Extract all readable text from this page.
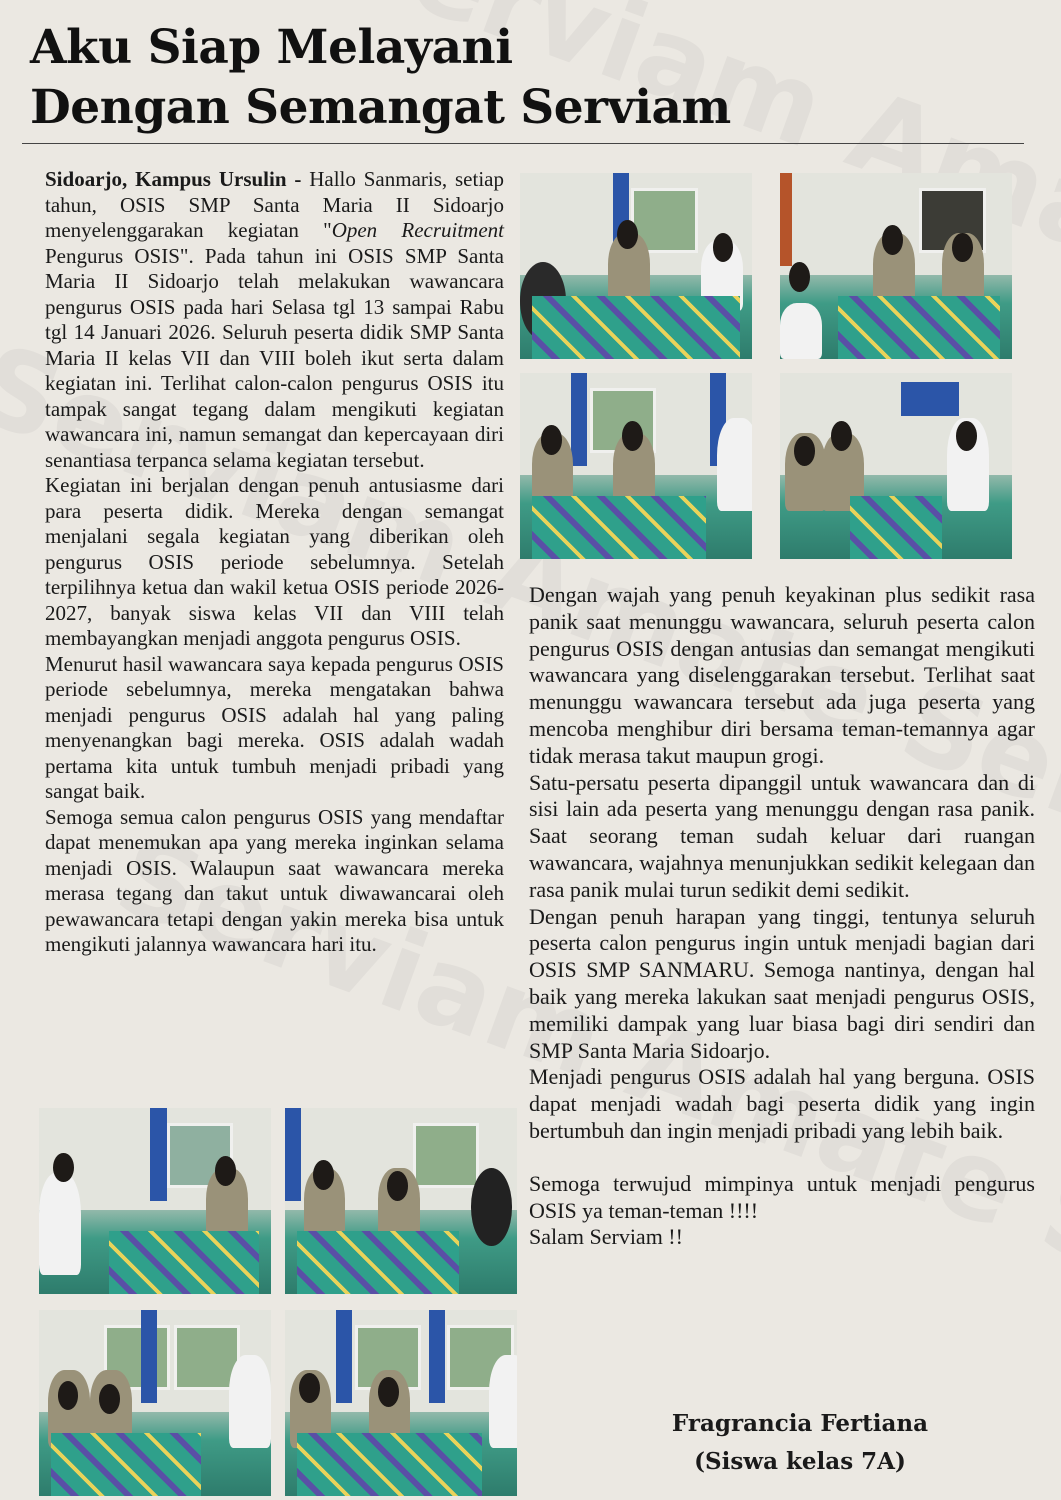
Aku Siap Melayani
Dengan Semangat Serviam

Sidoarjo, Kampus Ursulin - Hallo Sanmaris, setiap tahun, OSIS SMP Santa Maria II Sidoarjo menyelenggarakan kegiatan "Open Recruitment Pengurus OSIS". Pada tahun ini OSIS SMP Santa Maria II Sidoarjo telah melakukan wawancara pengurus OSIS pada hari Selasa tgl 13 sampai Rabu tgl 14 Januari 2026. Seluruh peserta didik SMP Santa Maria II kelas VII dan VIII boleh ikut serta dalam kegiatan ini. Terlihat calon-calon pengurus OSIS itu tampak sangat tegang dalam mengikuti kegiatan wawancara ini, namun semangat dan kepercayaan diri senantiasa terpanca selama kegiatan tersebut.

Kegiatan ini berjalan dengan penuh antusiasme dari para peserta didik. Mereka dengan semangat menjalani segala kegiatan yang diberikan oleh pengurus OSIS periode sebelumnya. Setelah terpilihnya ketua dan wakil ketua OSIS periode 2026-2027, banyak siswa kelas VII dan VIII telah membayangkan menjadi anggota pengurus OSIS.

Menurut hasil wawancara saya kepada pengurus OSIS periode sebelumnya, mereka mengatakan bahwa menjadi pengurus OSIS adalah hal yang paling menyenangkan bagi mereka. OSIS adalah wadah pertama kita untuk tumbuh menjadi pribadi yang sangat baik.

Semoga semua calon pengurus OSIS yang mendaftar dapat menemukan apa yang mereka inginkan selama menjadi OSIS. Walaupun saat wawancara mereka merasa tegang dan takut untuk diwawancarai oleh pewawancara tetapi dengan yakin mereka bisa untuk mengikuti jalannya wawancara hari itu.

Dengan wajah yang penuh keyakinan plus sedikit rasa panik saat menunggu wawancara, seluruh peserta calon pengurus OSIS dengan antusias dan semangat mengikuti wawancara yang diselenggarakan tersebut. Terlihat saat menunggu wawancara tersebut ada juga peserta yang mencoba menghibur diri bersama teman-temannya agar tidak merasa takut maupun grogi.

Satu-persatu peserta dipanggil untuk wawancara dan di sisi lain ada peserta yang menunggu dengan rasa panik. Saat seorang teman sudah keluar dari ruangan wawancara, wajahnya menunjukkan sedikit kelegaan dan rasa panik mulai turun sedikit demi sedikit.

Dengan penuh harapan yang tinggi, tentunya seluruh peserta calon pengurus ingin untuk menjadi bagian dari OSIS SMP SANMARU. Semoga nantinya, dengan hal baik yang mereka lakukan saat menjadi pengurus OSIS, memiliki dampak yang luar biasa bagi diri sendiri dan SMP Santa Maria Sidoarjo.

Menjadi pengurus OSIS adalah hal yang berguna. OSIS dapat menjadi wadah bagi peserta didik yang ingin bertumbuh dan ingin menjadi pribadi yang lebih baik.

Semoga terwujud mimpinya untuk menjadi pengurus OSIS ya teman-teman !!!!

Salam Serviam !!

Fragrancia Fertiana
(Siswa kelas 7A)
